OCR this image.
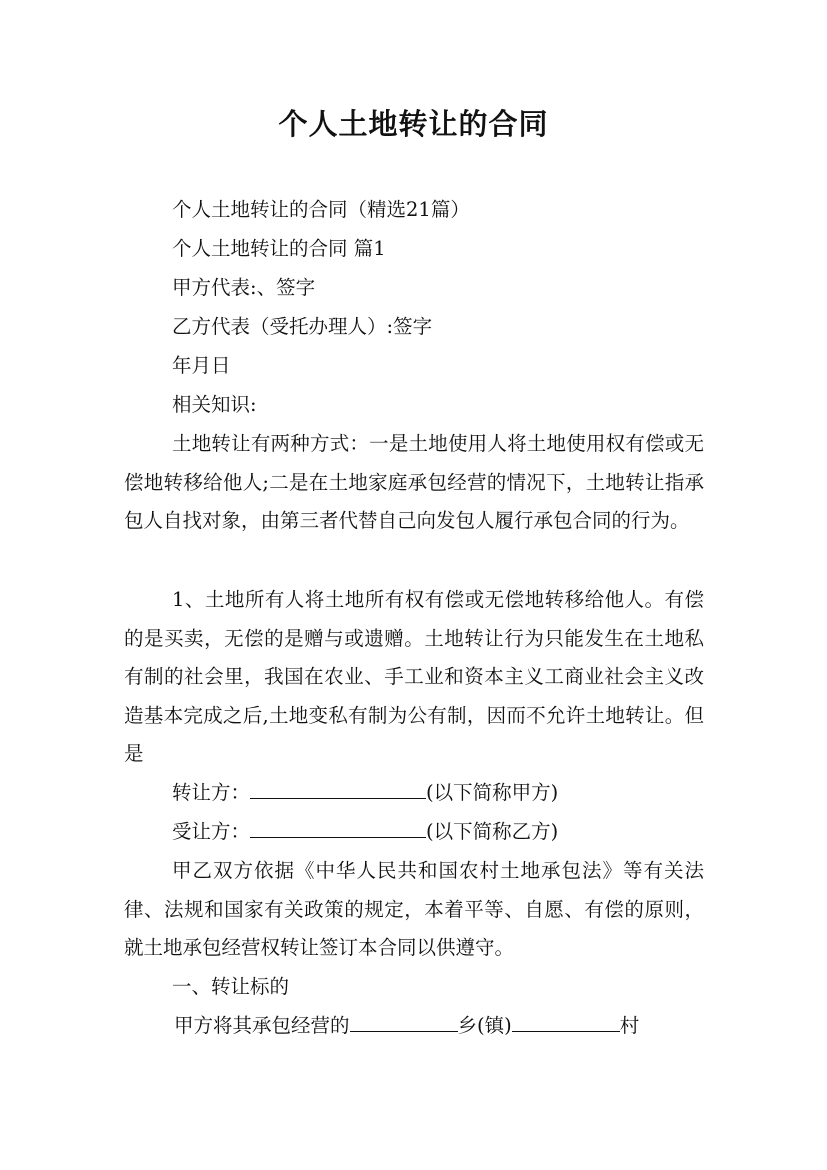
个人土地转让的合同
个人土地转让的合同（精选21篇）
个人土地转让的合同 篇1
甲方代表:、签字
乙方代表（受托办理人）:签字
年月日
相关知识:
土地转让有两种方式：一是土地使用人将土地使用权有偿或无偿地转移给他人;二是在土地家庭承包经营的情况下，土地转让指承包人自找对象，由第三者代替自己向发包人履行承包合同的行为。
1、土地所有人将土地所有权有偿或无偿地转移给他人。有偿的是买卖，无偿的是赠与或遗赠。土地转让行为只能发生在土地私有制的社会里，我国在农业、手工业和资本主义工商业社会主义改造基本完成之后,土地变私有制为公有制，因而不允许土地转让。但是
转让方：	(以下简称甲方)
受让方：	(以下简称乙方)
甲乙双方依据《中华人民共和国农村土地承包法》等有关法律、法规和国家有关政策的规定，本着平等、自愿、有偿的原则，就土地承包经营权转让签订本合同以供遵守。
一、转让标的
甲方将其承包经营的	乡(镇)	村
